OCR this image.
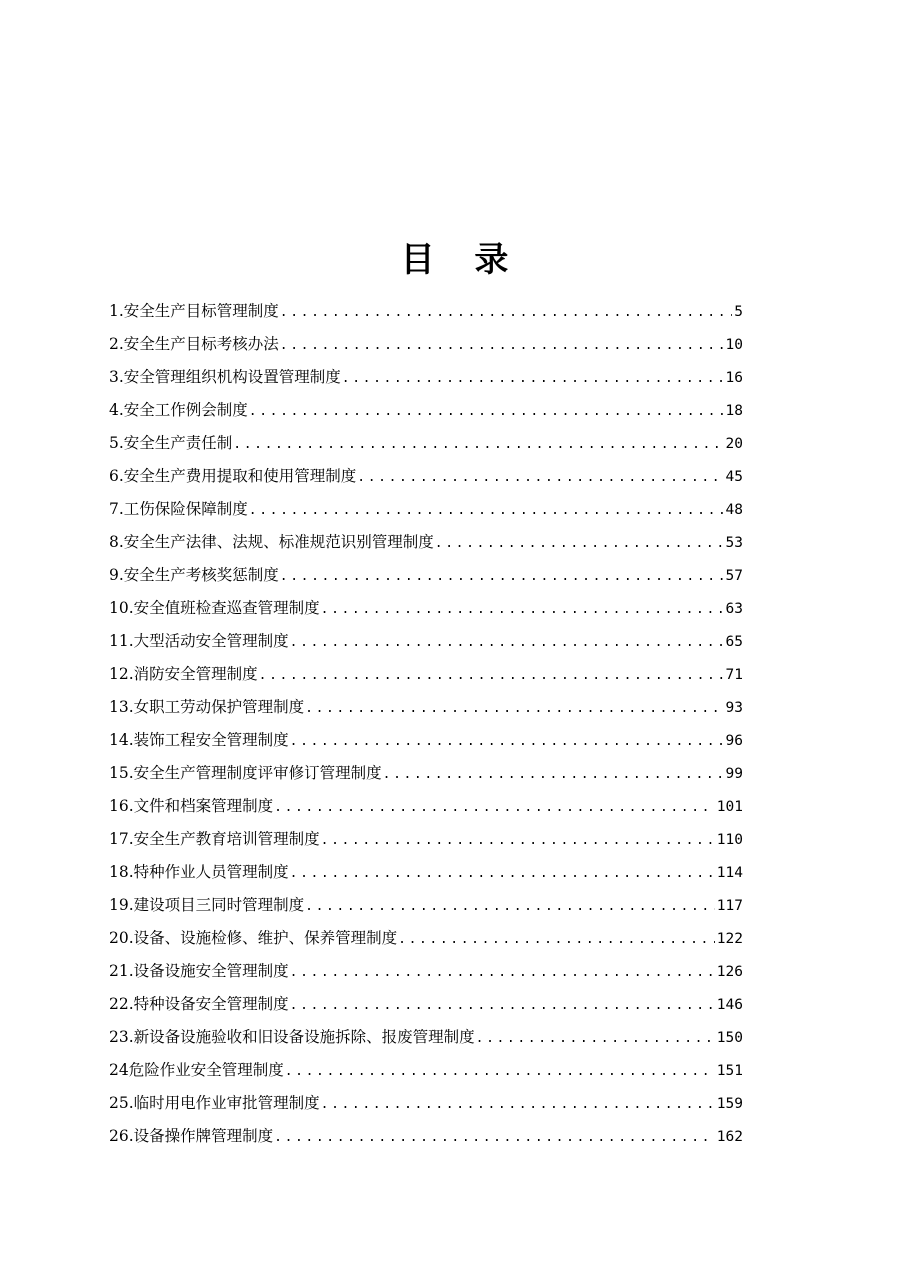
目 录
1.安全生产目标管理制度 .....	5
2.安全生产目标考核办法 .....	10
3.安全管理组织机构设置管理制度 .....	16
4.安全工作例会制度 .....	18
5.安全生产责任制 .....	20
6.安全生产费用提取和使用管理制度 .....	45
7.工伤保险保障制度 .....	48
8.安全生产法律、法规、标准规范识别管理制度 .....	53
9.安全生产考核奖惩制度 .....	57
10.安全值班检查巡查管理制度 .....	63
11.大型活动安全管理制度 .....	65
12.消防安全管理制度 .....	71
13.女职工劳动保护管理制度 .....	93
14.装饰工程安全管理制度 .....	96
15.安全生产管理制度评审修订管理制度 .....	99
16.文件和档案管理制度 .....	101
17.安全生产教育培训管理制度 .....	110
18.特种作业人员管理制度 .....	114
19.建设项目三同时管理制度 .....	117
20.设备、设施检修、维护、保养管理制度 .....	122
21.设备设施安全管理制度 .....	126
22.特种设备安全管理制度 .....	146
23.新设备设施验收和旧设备设施拆除、报废管理制度 .....	150
24危险作业安全管理制度 .....	151
25.临时用电作业审批管理制度 .....	159
26.设备操作牌管理制度 .....	162
